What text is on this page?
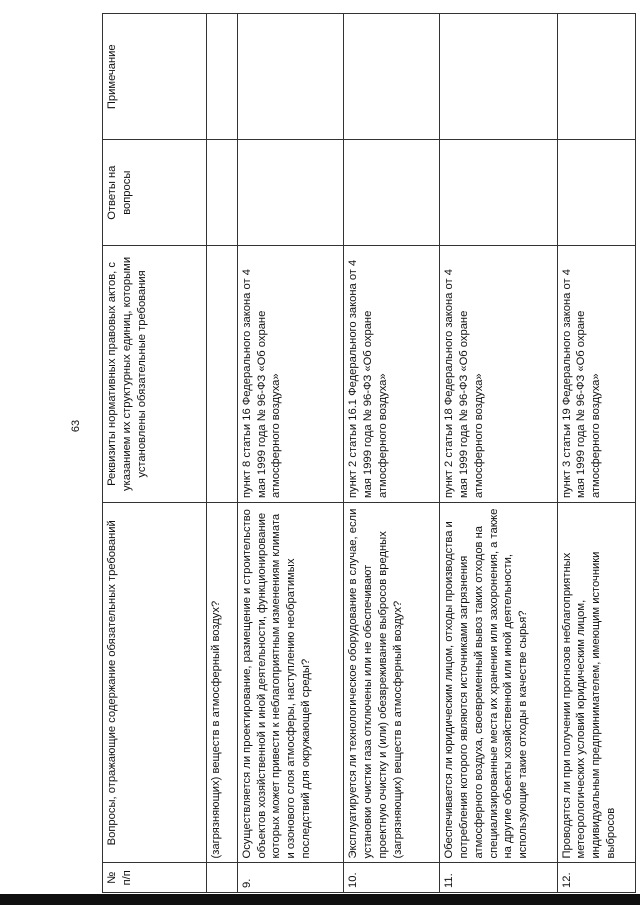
63
№ п/п	Вопросы, отражающие содержание обязательных требований	Реквизиты нормативных правовых актов, с указанием их структурных единиц, которыми установлены обязательные требования	Ответы на вопросы	Примечание
	(загрязняющих) веществ в атмосферный воздух?			
9.	Осуществляется ли проектирование, размещение и строительство объектов хозяйственной и иной деятельности, функционирование которых может привести к неблагоприятным изменениям климата и озонового слоя атмосферы, наступлению необратимых последствий для окружающей среды?	пункт 8 статьи 16 Федерального закона от 4 мая 1999 года № 96-ФЗ «Об охране атмосферного воздуха»		
10.	Эксплуатируется ли технологическое оборудование в случае, если установки очистки газа отключены или не обеспечивают проектную очистку и (или) обезвреживание выбросов вредных (загрязняющих) веществ в атмосферный воздух?	пункт 2 статьи 16.1 Федерального закона от 4 мая 1999 года № 96-ФЗ «Об охране атмосферного воздуха»		
11.	Обеспечивается ли юридическим лицом, отходы производства и потребления которого являются источниками загрязнения атмосферного воздуха, своевременный вывоз таких отходов на специализированные места их хранения или захоронения, а также на другие объекты хозяйственной или иной деятельности, использующие такие отходы в качестве сырья?	пункт 2 статьи 18 Федерального закона от 4 мая 1999 года № 96-ФЗ «Об охране атмосферного воздуха»		
12.	Проводятся ли при получении прогнозов неблагоприятных метеорологических условий юридическим лицом, индивидуальным предпринимателем, имеющим источники выбросов	пункт 3 статьи 19 Федерального закона от 4 мая 1999 года № 96-ФЗ «Об охране атмосферного воздуха»		
